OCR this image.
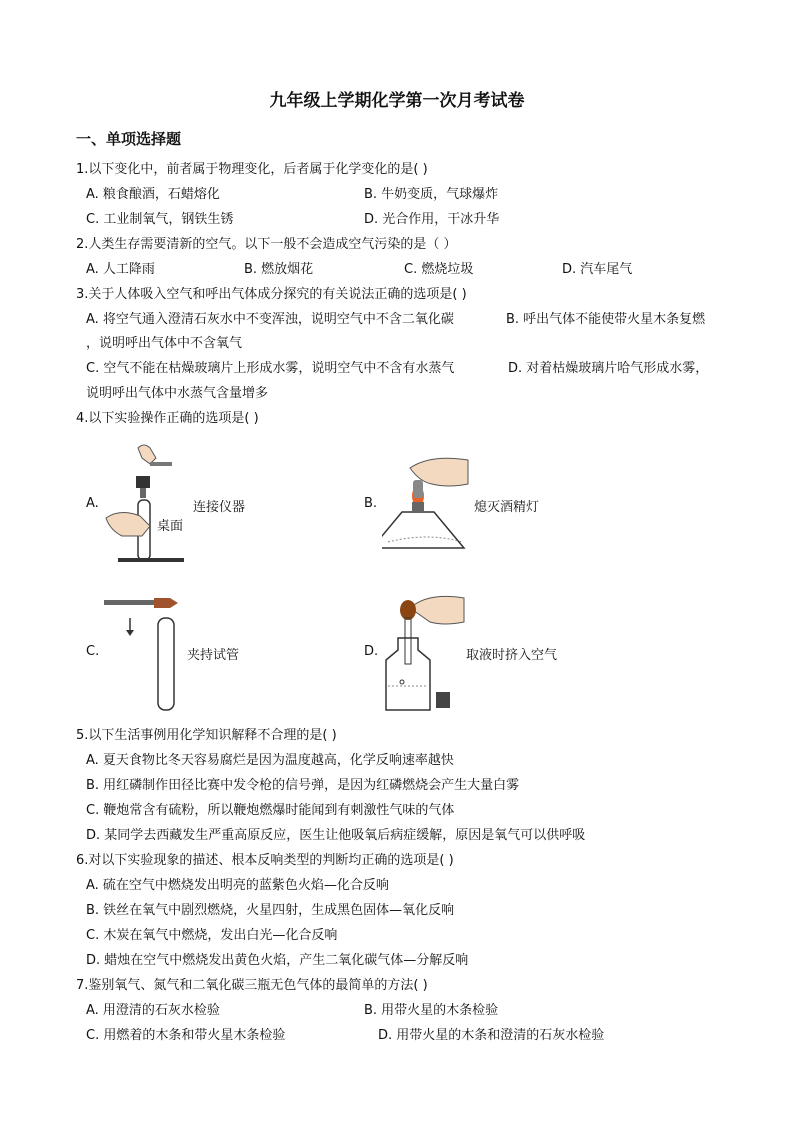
九年级上学期化学第一次月考试卷
一、单项选择题
1.以下变化中，前者属于物理变化，后者属于化学变化的是( )
A. 粮食酿酒，石蜡熔化	B. 牛奶变质，气球爆炸
C. 工业制氧气，钢铁生锈	D. 光合作用，干冰升华
2.人类生存需要清新的空气。以下一般不会造成空气污染的是（ ）
A. 人工降雨	B. 燃放烟花	C. 燃烧垃圾	D. 汽车尾气
3.关于人体吸入空气和呼出气体成分探究的有关说法正确的选项是( )
A. 将空气通入澄清石灰水中不变浑浊，说明空气中不含二氧化碳	B. 呼出气体不能使带火星木条复燃
，说明呼出气体中不含氧气
C. 空气不能在枯燥玻璃片上形成水雾，说明空气中不含有水蒸气	D. 对着枯燥玻璃片哈气形成水雾，
说明呼出气体中水蒸气含量增多
4.以下实验操作正确的选项是( )
A.	连接仪器
桌面
B.	熄灭酒精灯
C.	夹持试管	D.	取液时挤入空气
5.以下生活事例用化学知识解释不合理的是( )
A. 夏天食物比冬天容易腐烂是因为温度越高，化学反响速率越快
B. 用红磷制作田径比赛中发令枪的信号弹，是因为红磷燃烧会产生大量白雾
C. 鞭炮常含有硫粉，所以鞭炮燃爆时能闻到有刺激性气味的气体
D. 某同学去西藏发生严重高原反应，医生让他吸氧后病症缓解，原因是氧气可以供呼吸
6.对以下实验现象的描述、根本反响类型的判断均正确的选项是( )
A. 硫在空气中燃烧发出明亮的蓝紫色火焰—化合反响
B. 铁丝在氧气中剧烈燃烧，火星四射，生成黑色固体—氧化反响
C. 木炭在氧气中燃烧，发出白光—化合反响
D. 蜡烛在空气中燃烧发出黄色火焰，产生二氧化碳气体—分解反响
7.鉴别氧气、氮气和二氧化碳三瓶无色气体的最简单的方法( )
A. 用澄清的石灰水检验	B. 用带火星的木条检验
C. 用燃着的木条和带火星木条检验	D. 用带火星的木条和澄清的石灰水检验
